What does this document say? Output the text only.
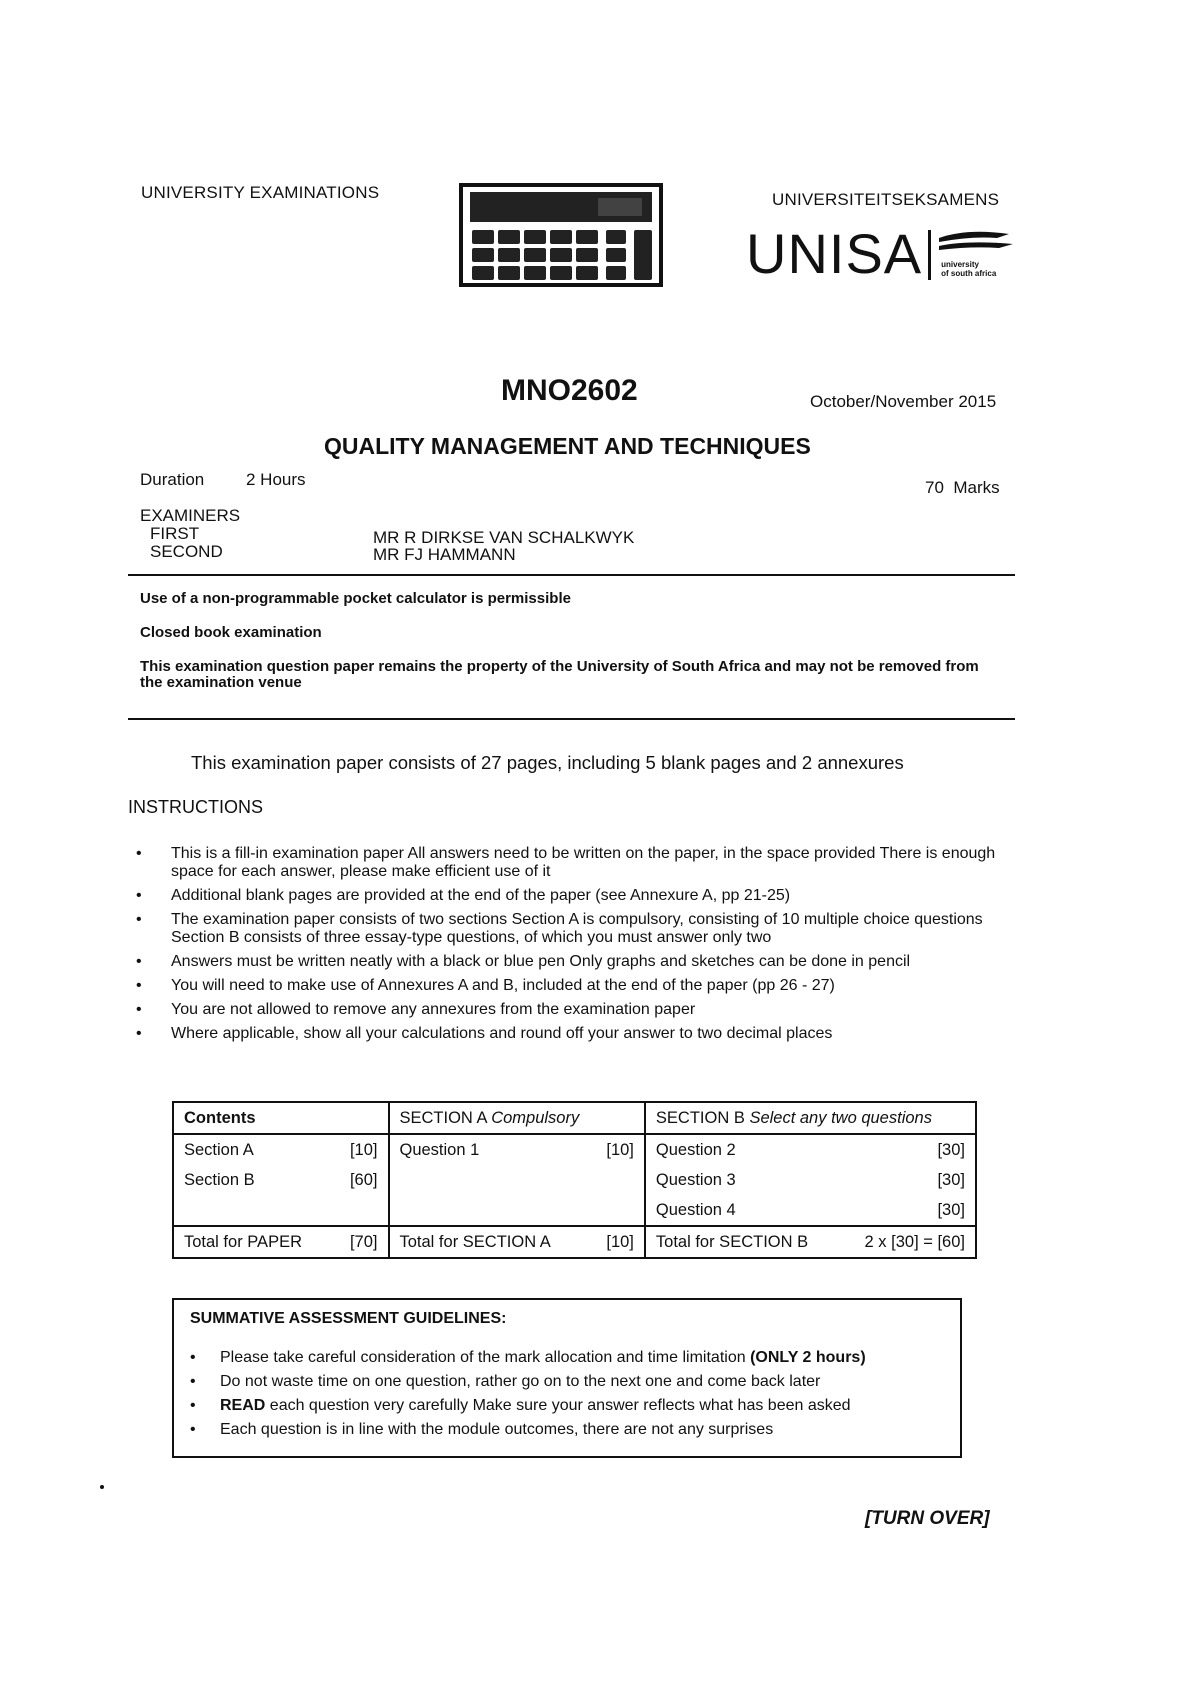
UNIVERSITY EXAMINATIONS	UNIVERSITEITSEKSAMENS
UNISA university
of south africa
MNO2602	October/November 2015
QUALITY MANAGEMENT AND TECHNIQUES
Duration 2 Hours	70  Marks
EXAMINERS
FIRST
SECOND
MR R DIRKSE VAN SCHALKWYK
MR FJ HAMMANN
Use of a non-programmable pocket calculator is permissible
Closed book examination
This examination question paper remains the property of the University of South Africa and may not be removed from the examination venue
This examination paper consists of 27 pages, including 5 blank pages and 2 annexures
INSTRUCTIONS
• This is a fill-in examination paper All answers need to be written on the paper, in the space provided There is enough space for each answer, please make efficient use of it
• Additional blank pages are provided at the end of the paper (see Annexure A, pp 21-25)
• The examination paper consists of two sections Section A is compulsory, consisting of 10 multiple choice questions Section B consists of three essay-type questions, of which you must answer only two
• Answers must be written neatly with a black or blue pen Only graphs and sketches can be done in pencil
• You will need to make use of Annexures A and B, included at the end of the paper (pp 26 - 27)
• You are not allowed to remove any annexures from the examination paper
• Where applicable, show all your calculations and round off your answer to two decimal places
Contents	SECTION A Compulsory	SECTION B Select any two questions

Section A [10]	Question 1 [10]	Question 2 [30]

Section B [60]		Question 3 [30]

		Question 4 [30]

Total for PAPER [70]	Total for SECTION A [10]	Total for SECTION B 2 x [30] = [60]
SUMMATIVE ASSESSMENT GUIDELINES:
• Please take careful consideration of the mark allocation and time limitation (ONLY 2 hours)
• Do not waste time on one question, rather go on to the next one and come back later
• READ each question very carefully Make sure your answer reflects what has been asked
• Each question is in line with the module outcomes, there are not any surprises
[TURN OVER]
